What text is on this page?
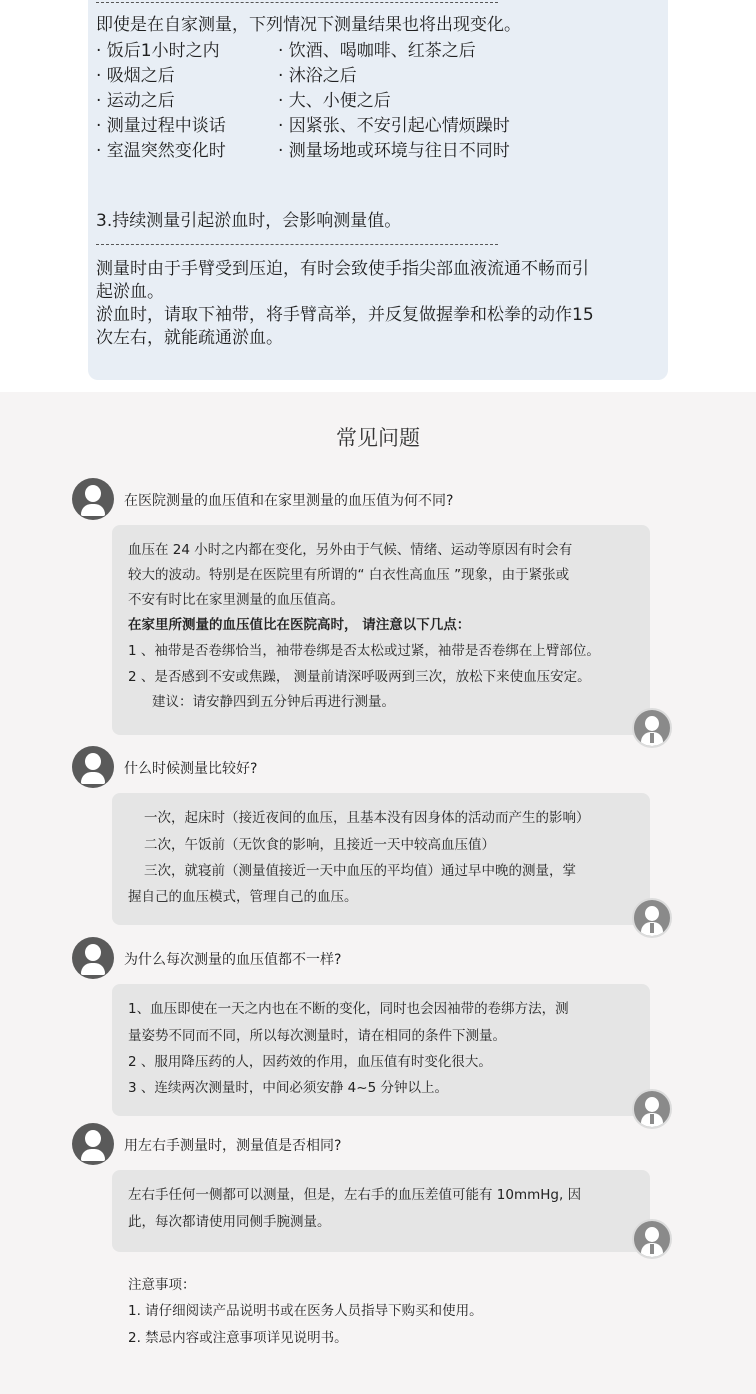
即使是在自家测量，下列情况下测量结果也将出现变化。
· 饭后1小时之内
· 吸烟之后
· 运动之后
· 测量过程中谈话
· 室温突然变化时
· 饮酒、喝咖啡、红茶之后
· 沐浴之后
· 大、小便之后
· 因紧张、不安引起心情烦躁时
· 测量场地或环境与往日不同时
3.持续测量引起淤血时，会影响测量值。
测量时由于手臂受到压迫，有时会致使手指尖部血液流通不畅而引
起淤血。
淤血时，请取下袖带，将手臂高举，并反复做握拳和松拳的动作15
次左右，就能疏通淤血。
常见问题
在医院测量的血压值和在家里测量的血压值为何不同?
血压在 24 小时之内都在变化，另外由于气候、情绪、运动等原因有时会有
较大的波动。特别是在医院里有所谓的“ 白衣性高血压 ”现象，由于紧张或
不安有时比在家里测量的血压值高。
在家里所测量的血压值比在医院高时， 请注意以下几点：
1 、袖带是否卷绑恰当，袖带卷绑是否太松或过紧，袖带是否卷绑在上臂部位。
2 、是否感到不安或焦躁， 测量前请深呼吸两到三次，放松下来使血压安定。
建议：请安静四到五分钟后再进行测量。
什么时候测量比较好?
一次，起床时（接近夜间的血压，且基本没有因身体的活动而产生的影响）
二次，午饭前（无饮食的影响，且接近一天中较高血压值）
三次，就寝前（测量值接近一天中血压的平均值）通过早中晚的测量，掌
握自己的血压模式，管理自己的血压。
为什么每次测量的血压值都不一样?
1、血压即使在一天之内也在不断的变化，同时也会因袖带的卷绑方法，测
量姿势不同而不同，所以每次测量时，请在相同的条件下测量。
2 、服用降压药的人，因药效的作用，血压值有时变化很大。
3 、连续两次测量时，中间必须安静 4~5 分钟以上。
用左右手测量时，测量值是否相同?
左右手任何一侧都可以测量，但是，左右手的血压差值可能有 10mmHg, 因
此，每次都请使用同侧手腕测量。
注意事项：
1. 请仔细阅读产品说明书或在医务人员指导下购买和使用。
2. 禁忌内容或注意事项详见说明书。
